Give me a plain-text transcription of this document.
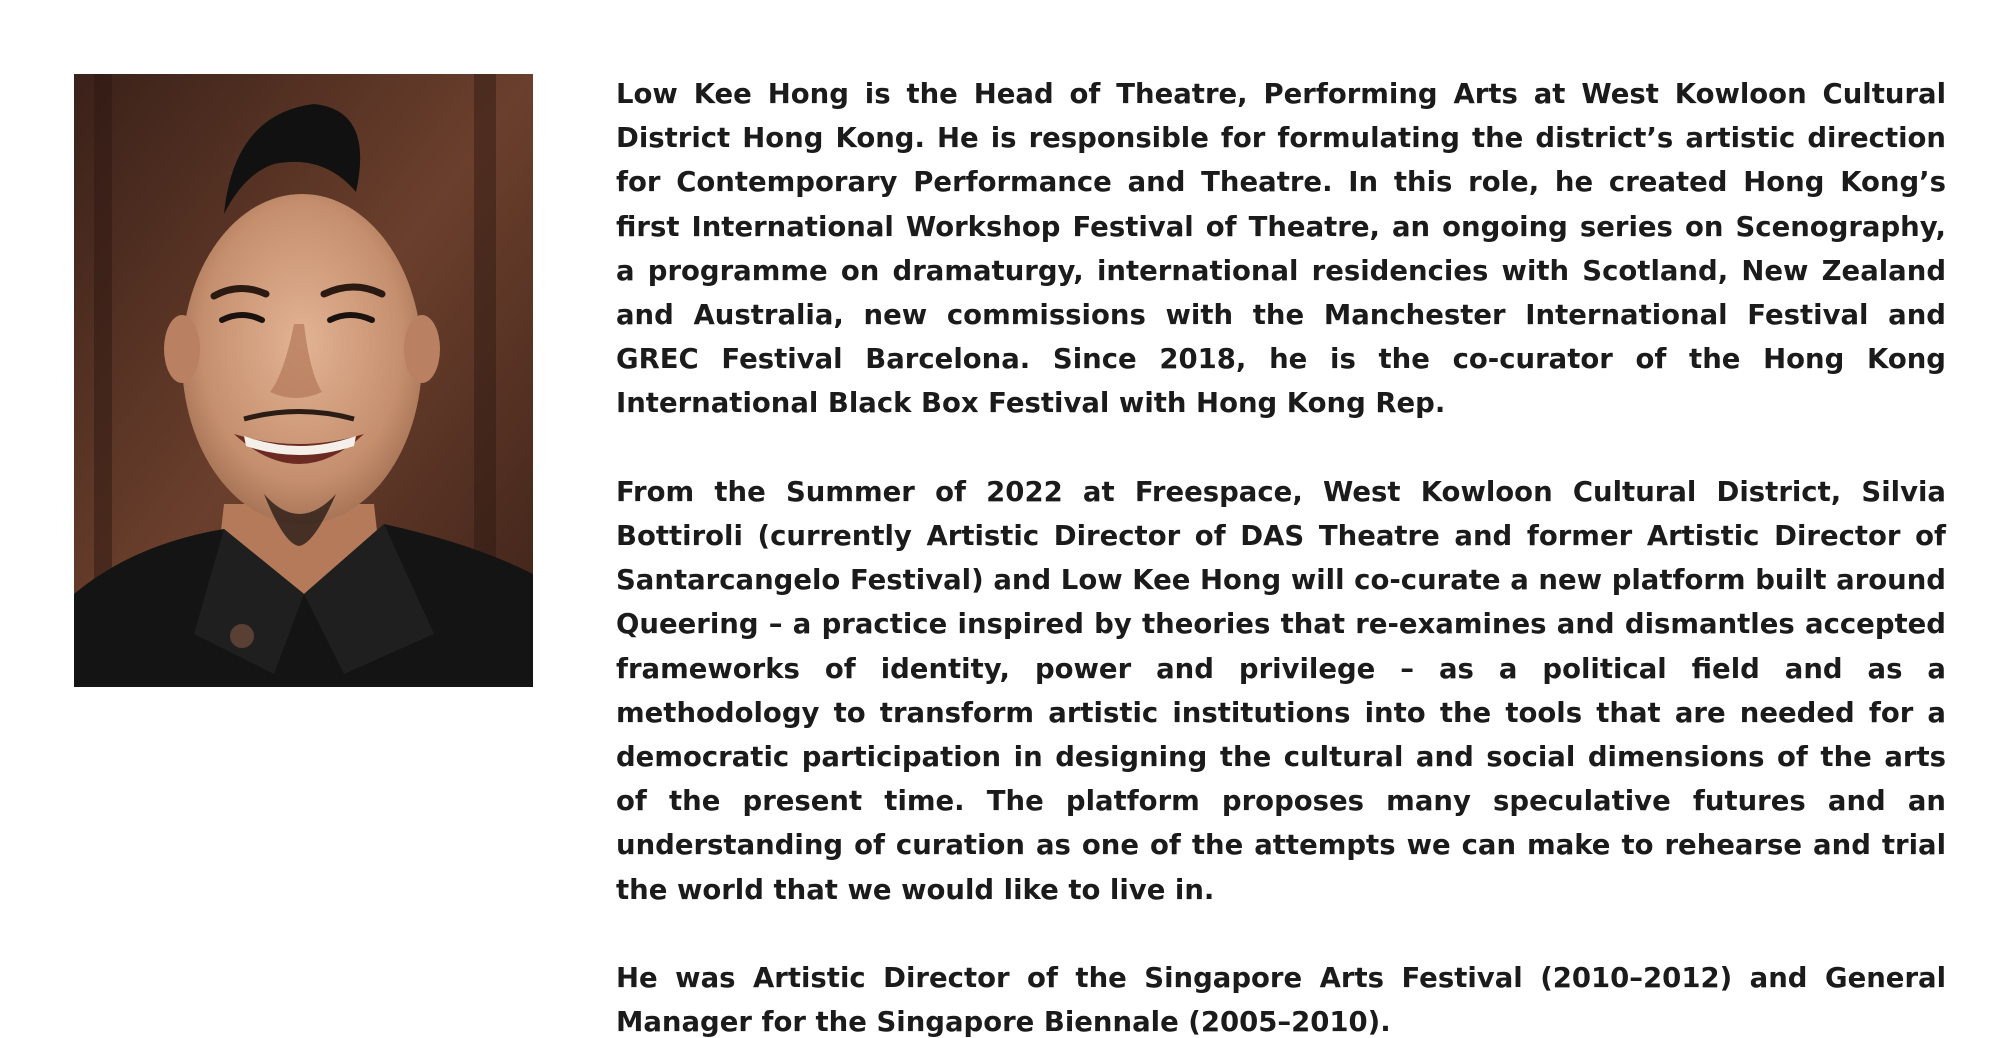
Low Kee Hong is the Head of Theatre, Performing Arts at West Kowloon Cultural District Hong Kong. He is responsible for formulating the district’s artistic direction for Contemporary Performance and Theatre. In this role, he created Hong Kong’s first International Workshop Festival of Theatre, an ongoing series on Scenography, a programme on dramaturgy, international residencies with Scotland, New Zealand and Australia, new commissions with the Manchester International Festival and GREC Festival Barcelona. Since 2018, he is the co-curator of the Hong Kong International Black Box Festival with Hong Kong Rep.

From the Summer of 2022 at Freespace, West Kowloon Cultural District, Silvia Bottiroli (currently Artistic Director of DAS Theatre and former Artistic Director of Santarcangelo Festival) and Low Kee Hong will co-curate a new platform built around Queering – a practice inspired by theories that re-examines and dismantles accepted frameworks of identity, power and privilege – as a political field and as a methodology to transform artistic institutions into the tools that are needed for a democratic participation in designing the cultural and social dimensions of the arts of the present time. The platform proposes many speculative futures and an understanding of curation as one of the attempts we can make to rehearse and trial the world that we would like to live in.

He was Artistic Director of the Singapore Arts Festival (2010–2012) and General Manager for the Singapore Biennale (2005–2010).
